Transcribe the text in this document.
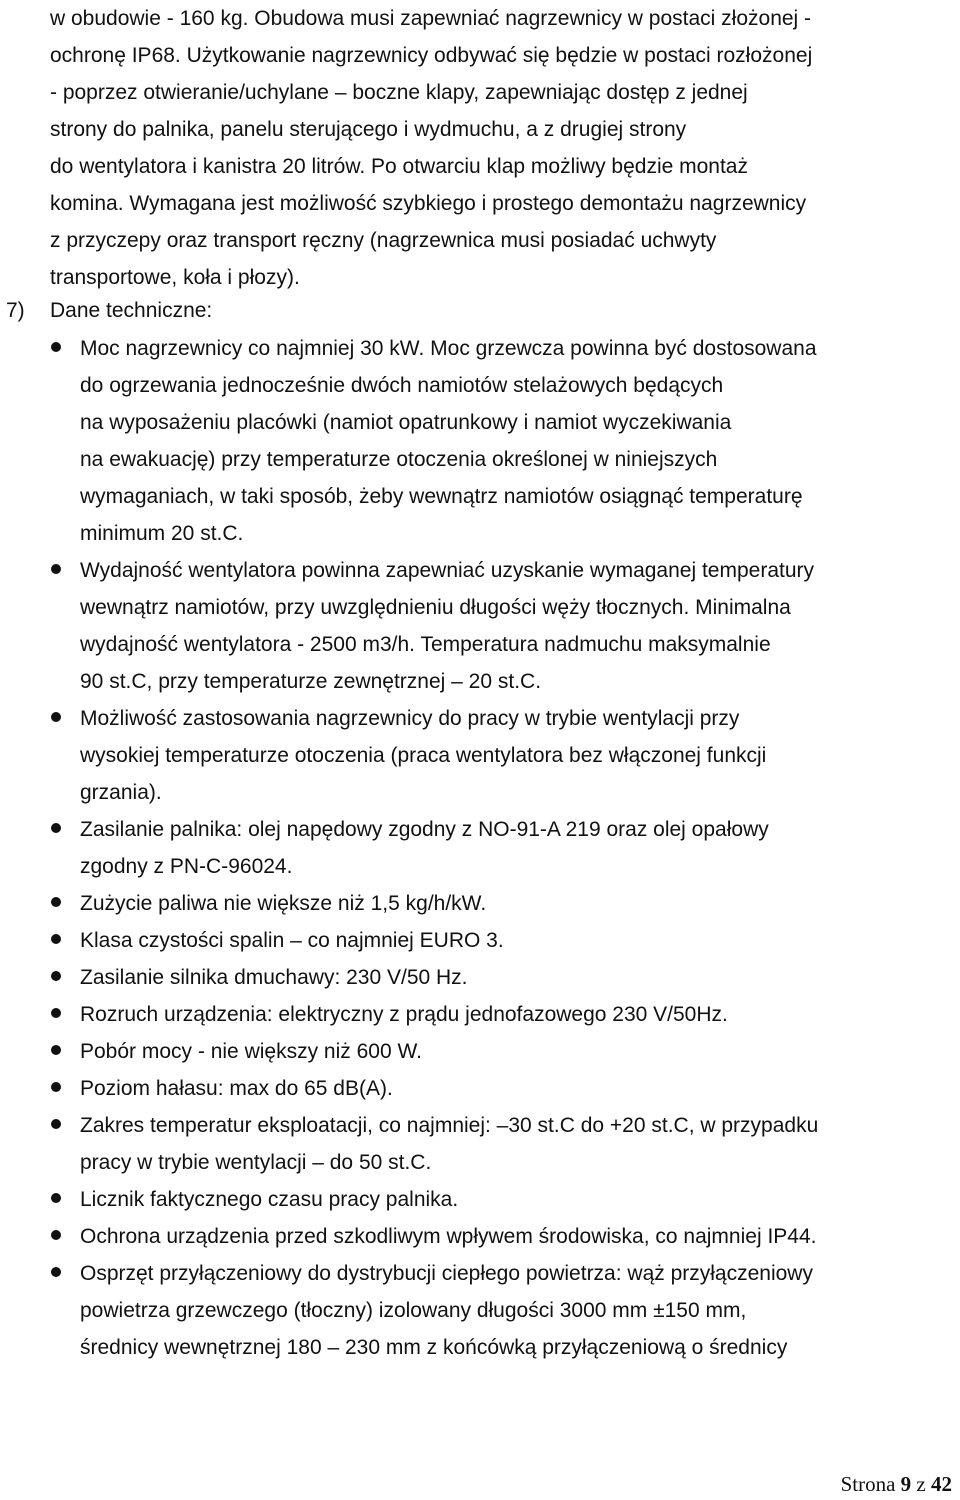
w obudowie - 160 kg. Obudowa musi zapewniać nagrzewnicy w postaci złożonej -

ochronę IP68. Użytkowanie nagrzewnicy odbywać się będzie w postaci rozłożonej

- poprzez otwieranie/uchylane – boczne klapy, zapewniając dostęp z jednej

strony do palnika, panelu sterującego i wydmuchu, a z drugiej strony

do wentylatora i kanistra 20 litrów. Po otwarciu klap możliwy będzie montaż

komina. Wymagana jest możliwość szybkiego i prostego demontażu nagrzewnicy

z przyczepy oraz transport ręczny (nagrzewnica musi posiadać uchwyty

transportowe, koła i płozy).

7)	Dane techniczne:
Moc nagrzewnicy co najmniej 30 kW. Moc grzewcza powinna być dostosowana
do ogrzewania jednocześnie dwóch namiotów stelażowych będących
na wyposażeniu placówki (namiot opatrunkowy i namiot wyczekiwania
na ewakuację) przy temperaturze otoczenia określonej w niniejszych
wymaganiach, w taki sposób, żeby wewnątrz namiotów osiągnąć temperaturę
minimum 20 st.C.
Wydajność wentylatora powinna zapewniać uzyskanie wymaganej temperatury
wewnątrz namiotów, przy uwzględnieniu długości węży tłocznych. Minimalna
wydajność wentylatora - 2500 m3/h. Temperatura nadmuchu maksymalnie
90 st.C, przy temperaturze zewnętrznej – 20 st.C.
Możliwość zastosowania nagrzewnicy do pracy w trybie wentylacji przy
wysokiej temperaturze otoczenia (praca wentylatora bez włączonej funkcji
grzania).
Zasilanie palnika: olej napędowy zgodny z NO-91-A 219 oraz olej opałowy
zgodny z PN-C-96024.
Zużycie paliwa nie większe niż 1,5 kg/h/kW.
Klasa czystości spalin – co najmniej EURO 3.
Zasilanie silnika dmuchawy: 230 V/50 Hz.
Rozruch urządzenia: elektryczny z prądu jednofazowego 230 V/50Hz.
Pobór mocy - nie większy niż 600 W.
Poziom hałasu: max do 65 dB(A).
Zakres temperatur eksploatacji, co najmniej: –30 st.C do +20 st.C, w przypadku
pracy w trybie wentylacji – do 50 st.C.
Licznik faktycznego czasu pracy palnika.
Ochrona urządzenia przed szkodliwym wpływem środowiska, co najmniej IP44.
Osprzęt przyłączeniowy do dystrybucji ciepłego powietrza: wąż przyłączeniowy
powietrza grzewczego (tłoczny) izolowany długości 3000 mm ±150 mm,
średnicy wewnętrznej 180 – 230 mm z końcówką przyłączeniową o średnicy
Strona 9 z 42
